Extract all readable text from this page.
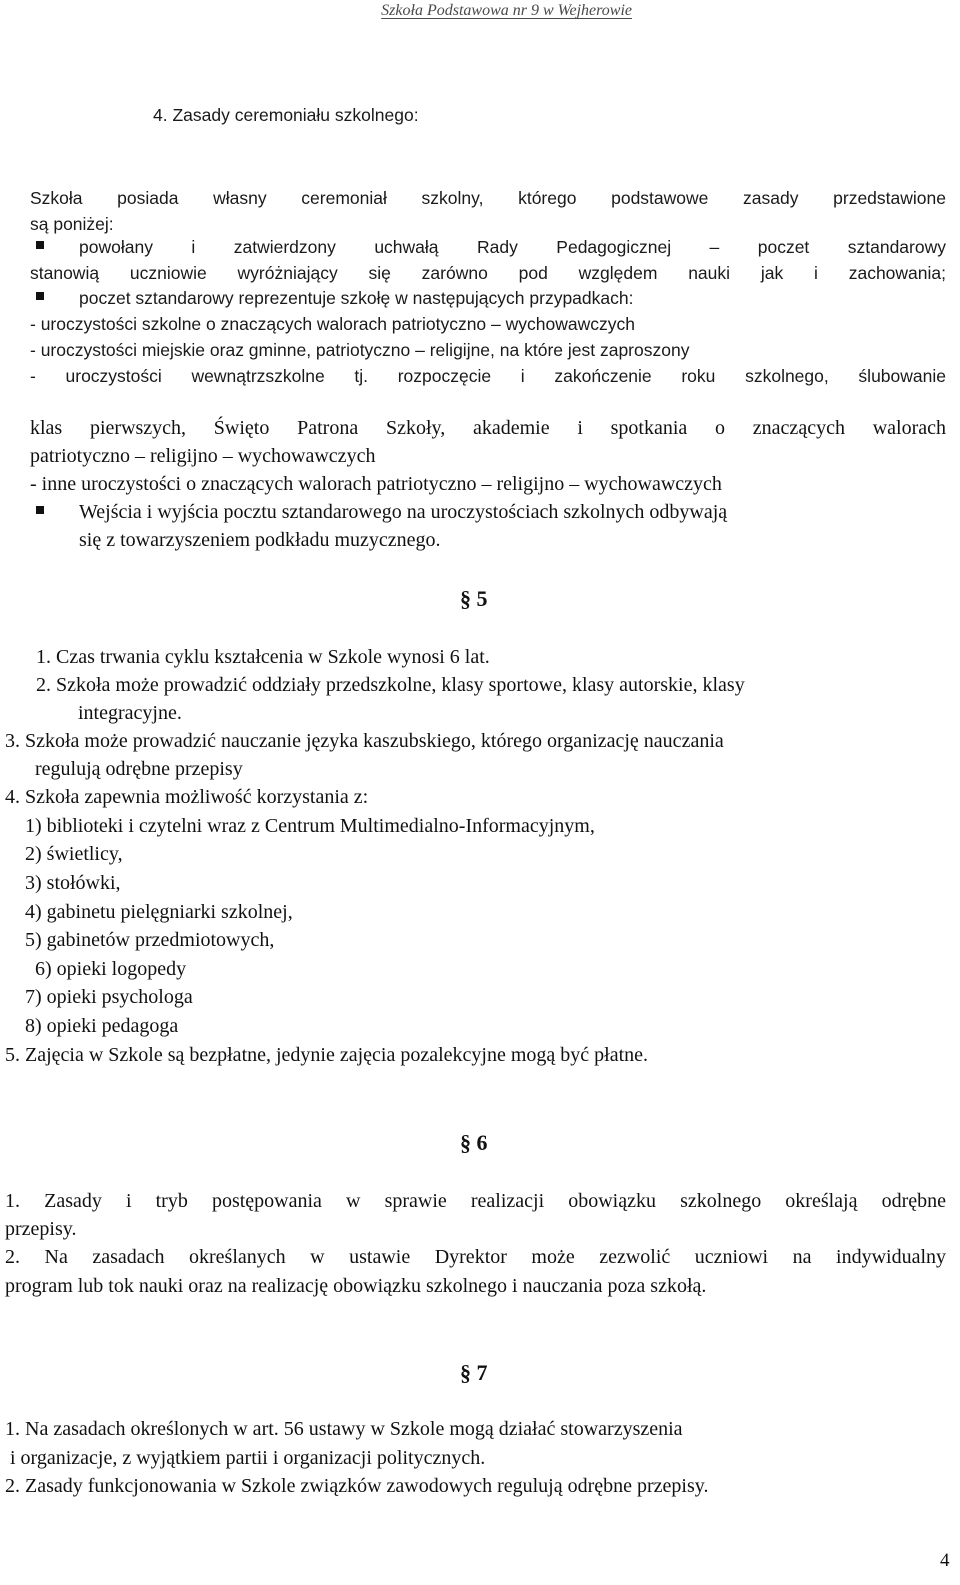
Szkoła Podstawowa nr 9 w Wejherowie
4. Zasady ceremoniału szkolnego:
Szkoła posiada własny ceremoniał szkolny, którego podstawowe zasady przedstawione
są poniżej:
powołany i zatwierdzony uchwałą Rady Pedagogicznej – poczet sztandarowy
stanowią uczniowie wyróżniający się zarówno pod względem nauki jak i zachowania;
poczet sztandarowy reprezentuje szkołę w następujących przypadkach:
- uroczystości szkolne o znaczących walorach patriotyczno – wychowawczych
- uroczystości miejskie oraz gminne, patriotyczno – religijne, na które jest zaproszony
- uroczystości wewnątrzszkolne tj. rozpoczęcie i zakończenie roku szkolnego, ślubowanie
klas pierwszych, Święto Patrona Szkoły, akademie i spotkania o znaczących walorach
patriotyczno – religijno – wychowawczych
- inne uroczystości o znaczących walorach patriotyczno – religijno – wychowawczych
Wejścia i wyjścia pocztu sztandarowego na uroczystościach szkolnych odbywają
się z towarzyszeniem podkładu muzycznego.
§ 5
1. Czas trwania cyklu kształcenia w Szkole wynosi 6 lat.
2. Szkoła może prowadzić oddziały przedszkolne, klasy sportowe, klasy autorskie, klasy
integracyjne.
3. Szkoła może prowadzić nauczanie języka kaszubskiego, którego organizację nauczania
regulują odrębne przepisy
4. Szkoła zapewnia możliwość korzystania z:
1) biblioteki i czytelni wraz z Centrum Multimedialno-Informacyjnym,
2) świetlicy,
3) stołówki,
4) gabinetu pielęgniarki szkolnej,
5) gabinetów przedmiotowych,
6) opieki logopedy
7) opieki psychologa
8) opieki pedagoga
5. Zajęcia w Szkole są bezpłatne, jedynie zajęcia pozalekcyjne mogą być płatne.
§ 6
1. Zasady i tryb postępowania w sprawie realizacji obowiązku szkolnego określają odrębne
przepisy.
2. Na zasadach określanych w ustawie Dyrektor może zezwolić uczniowi na indywidualny
program lub tok nauki oraz na realizację obowiązku szkolnego i nauczania poza szkołą.
§ 7
1. Na zasadach określonych w art. 56 ustawy w Szkole mogą działać stowarzyszenia
i organizacje, z wyjątkiem partii i organizacji politycznych.
2. Zasady funkcjonowania w Szkole związków zawodowych regulują odrębne przepisy.
4
